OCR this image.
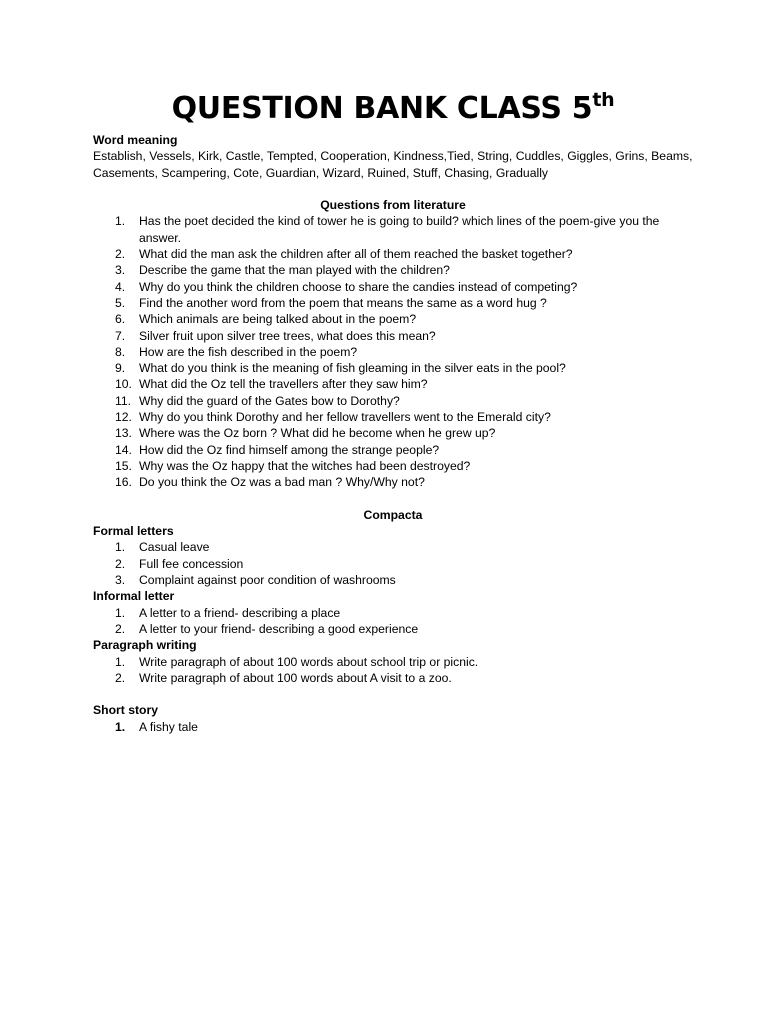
QUESTION BANK CLASS 5th
Word meaning
Establish, Vessels, Kirk, Castle, Tempted, Cooperation, Kindness,Tied, String, Cuddles, Giggles, Grins, Beams, Casements, Scampering, Cote, Guardian, Wizard, Ruined, Stuff, Chasing, Gradually
Questions from literature
1. Has the poet decided the kind of tower he is going to build? which lines of the poem-give you the answer.
2. What did the man ask the children after all of them reached the basket together?
3. Describe the game that the man played with the children?
4. Why do you think the children choose to share the candies instead of competing?
5. Find the another word from the poem that means the same as a word hug ?
6. Which animals are being talked about in the poem?
7. Silver fruit upon silver tree trees, what does this mean?
8. How are the fish described in the poem?
9. What do you think is the meaning of fish gleaming in the silver eats in the pool?
10. What did the Oz tell the travellers after they saw him?
11. Why did the guard of the Gates bow to Dorothy?
12. Why do you think Dorothy and her fellow travellers went to the Emerald city?
13. Where was the Oz born ? What did he become when he grew up?
14. How did the Oz find himself among the strange people?
15. Why was the Oz happy that the witches had been destroyed?
16. Do you think the Oz was a bad man ? Why/Why not?
Compacta
Formal letters
1. Casual leave
2. Full fee concession
3. Complaint against poor condition of washrooms
Informal letter
1. A letter to a friend- describing a place
2. A letter to your friend- describing a good experience
Paragraph writing
1. Write paragraph of about 100 words about school trip or picnic.
2. Write paragraph of about 100 words about A visit to a zoo.
Short story
1. A fishy tale
